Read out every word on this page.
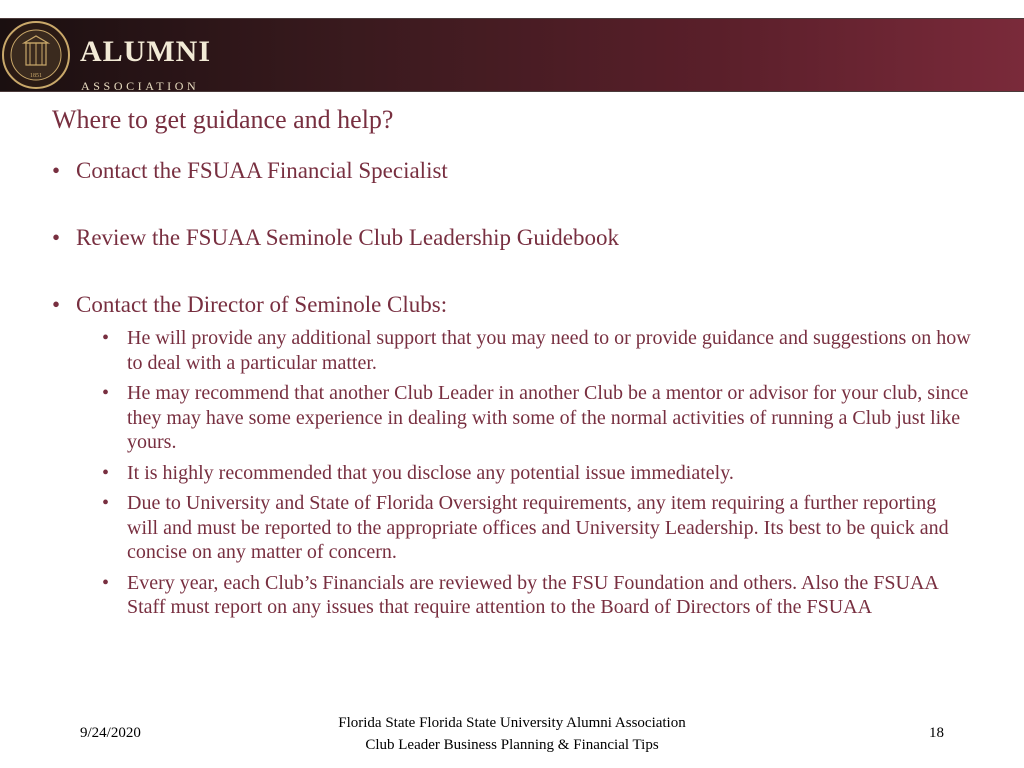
1851
ALUMNI
ASSOCIATION
Where to get guidance and help?
• Contact the FSUAA Financial Specialist
• Review the FSUAA Seminole Club Leadership Guidebook
• Contact the Director of Seminole Clubs:
• He will provide any additional support that you may need to or provide guidance and suggestions on how to deal with a particular matter.
• He may recommend that another Club Leader in another Club be a mentor or advisor for your club, since they may have some experience in dealing with some of the normal activities of running a Club just like yours.
• It is highly recommended that you disclose any potential issue immediately.
• Due to University and State of Florida Oversight requirements, any item requiring a further reporting will and must be reported to the appropriate offices and University Leadership. Its best to be quick and concise on any matter of concern.
• Every year, each Club’s Financials are reviewed by the FSU Foundation and others. Also the FSUAA Staff must report on any issues that require attention to the Board of Directors of the FSUAA
9/24/2020
Florida State Florida State University Alumni Association
Club Leader Business Planning & Financial Tips
18
